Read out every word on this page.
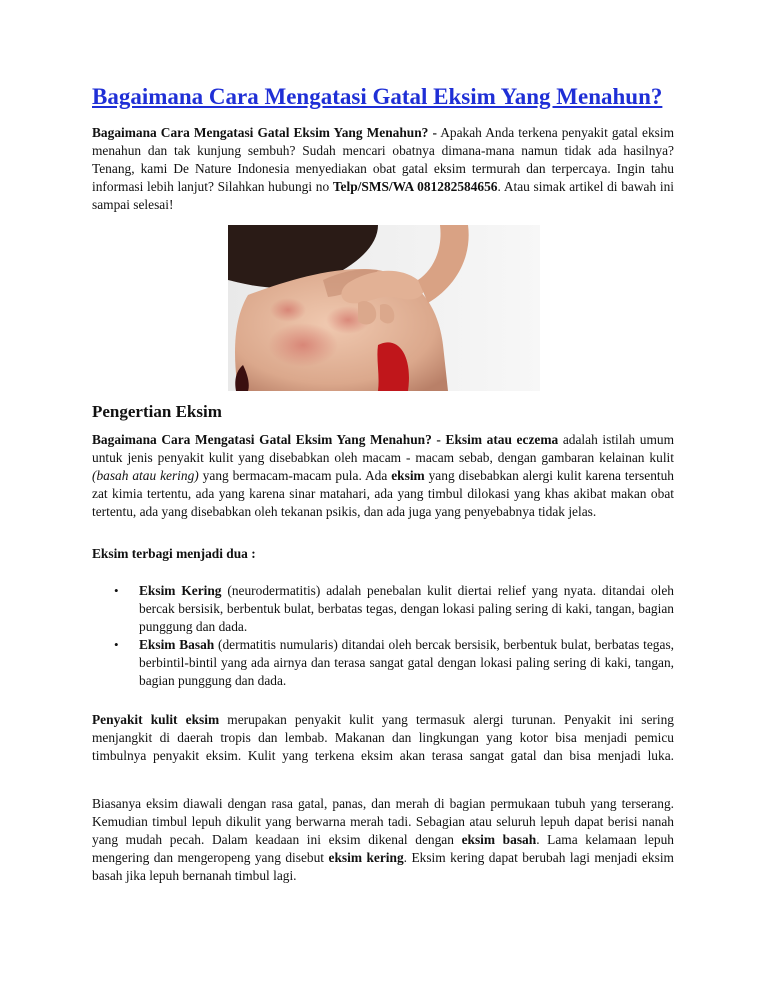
Bagaimana Cara Mengatasi Gatal Eksim Yang Menahun?

Bagaimana Cara Mengatasi Gatal Eksim Yang Menahun? - Apakah Anda terkena penyakit gatal eksim menahun dan tak kunjung sembuh? Sudah mencari obatnya dimana-mana namun tidak ada hasilnya? Tenang, kami De Nature Indonesia menyediakan obat gatal eksim termurah dan terpercaya. Ingin tahu informasi lebih lanjut? Silahkan hubungi no Telp/SMS/WA 081282584656. Atau simak artikel di bawah ini sampai selesai!

Pengertian Eksim

Bagaimana Cara Mengatasi Gatal Eksim Yang Menahun? - Eksim atau eczema adalah istilah umum untuk jenis penyakit kulit yang disebabkan oleh macam - macam sebab, dengan gambaran kelainan kulit (basah atau kering) yang bermacam-macam pula. Ada eksim yang disebabkan alergi kulit karena tersentuh zat kimia tertentu, ada yang karena sinar matahari, ada yang timbul dilokasi yang khas akibat makan obat tertentu, ada yang disebabkan oleh tekanan psikis, dan ada juga yang penyebabnya tidak jelas.

Eksim terbagi menjadi dua :

• Eksim Kering (neurodermatitis) adalah penebalan kulit diertai relief yang nyata. ditandai oleh bercak bersisik, berbentuk bulat, berbatas tegas, dengan lokasi paling sering di kaki, tangan, bagian punggung dan dada.
• Eksim Basah (dermatitis numularis) ditandai oleh bercak bersisik, berbentuk bulat, berbatas tegas, berbintil-bintil yang ada airnya dan terasa sangat gatal dengan lokasi paling sering di kaki, tangan, bagian punggung dan dada.

Penyakit kulit eksim merupakan penyakit kulit yang termasuk alergi turunan. Penyakit ini sering menjangkit di daerah tropis dan lembab. Makanan dan lingkungan yang kotor bisa menjadi pemicu timbulnya penyakit eksim. Kulit yang terkena eksim akan terasa sangat gatal dan bisa menjadi luka.

Biasanya eksim diawali dengan rasa gatal, panas, dan merah di bagian permukaan tubuh yang terserang. Kemudian timbul lepuh dikulit yang berwarna merah tadi. Sebagian atau seluruh lepuh dapat berisi nanah yang mudah pecah. Dalam keadaan ini eksim dikenal dengan eksim basah. Lama kelamaan lepuh mengering dan mengeropeng yang disebut eksim kering. Eksim kering dapat berubah lagi menjadi eksim basah jika lepuh bernanah timbul lagi.
